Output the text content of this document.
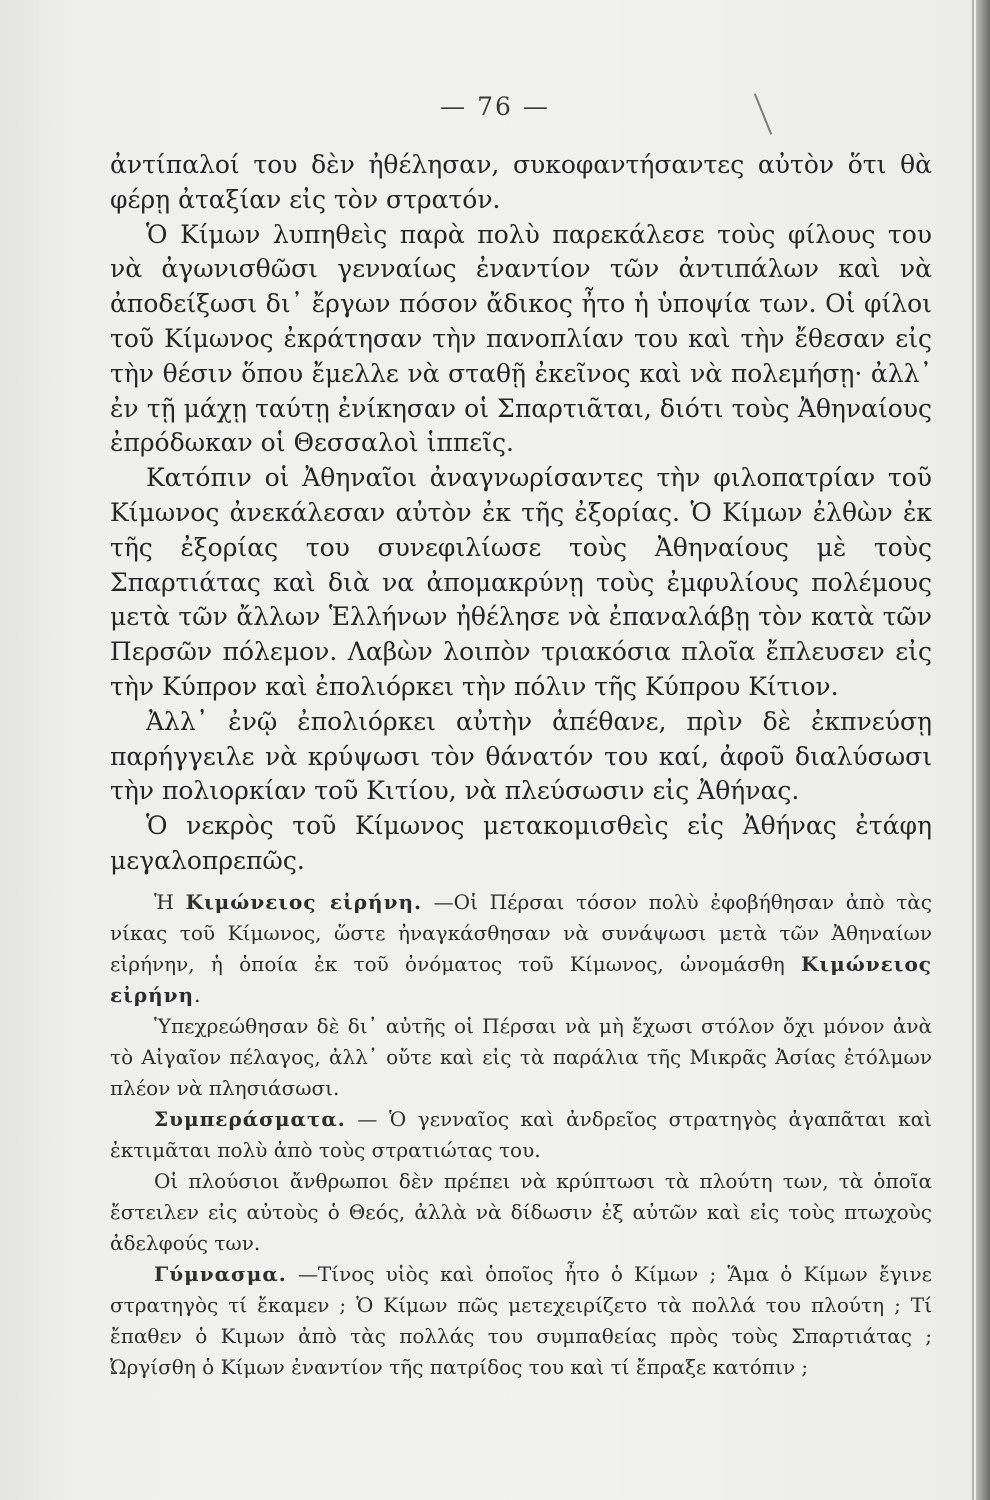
— 76 —

ἀντίπαλοί του δὲν ἠθέλησαν, συκοφαντήσαντες αὐτὸν ὅτι θὰ φέρῃ ἀταξίαν εἰς τὸν στρατόν.

Ὁ Κίμων λυπηθεὶς παρὰ πολὺ παρεκάλεσε τοὺς φίλους του νὰ ἀγωνισθῶσι γενναίως ἐναντίον τῶν ἀντιπάλων καὶ νὰ ἀποδείξωσι δι᾽ ἔργων πόσον ἄδικος ἦτο ἡ ὑποψία των. Οἱ φίλοι τοῦ Κίμωνος ἐκράτησαν τὴν πανοπλίαν του καὶ τὴν ἔθεσαν εἰς τὴν θέσιν ὅπου ἔμελλε νὰ σταθῇ ἐκεῖνος καὶ νὰ πολεμήσῃ· ἀλλ᾽ ἐν τῇ μάχῃ ταύτῃ ἐνίκησαν οἱ Σπαρτιᾶται, διότι τοὺς Ἀθηναίους ἐπρόδωκαν οἱ Θεσσαλοὶ ἱππεῖς.

Κατόπιν οἱ Ἀθηναῖοι ἀναγνωρίσαντες τὴν φιλοπατρίαν τοῦ Κίμωνος ἀνεκάλεσαν αὐτὸν ἐκ τῆς ἐξορίας. Ὁ Κίμων ἐλθὼν ἐκ τῆς ἐξορίας του συνεφιλίωσε τοὺς Ἀθηναίους μὲ τοὺς Σπαρτιάτας καὶ διὰ να ἀπομακρύνῃ τοὺς ἐμφυλίους πολέμους μετὰ τῶν ἄλλων Ἑλλήνων ἠθέλησε νὰ ἐπαναλάβῃ τὸν κατὰ τῶν Περσῶν πόλεμον. Λαβὼν λοιπὸν τριακόσια πλοῖα ἔπλευσεν εἰς τὴν Κύπρον καὶ ἐπολιόρκει τὴν πόλιν τῆς Κύπρου Κίτιον.

Ἀλλ᾽ ἐνῷ ἐπολιόρκει αὐτὴν ἀπέθανε, πρὶν δὲ ἐκπνεύσῃ παρήγγειλε νὰ κρύψωσι τὸν θάνατόν του καί, ἀφοῦ διαλύσωσι τὴν πολιορκίαν τοῦ Κιτίου, νὰ πλεύσωσιν εἰς Ἀθήνας.

Ὁ νεκρὸς τοῦ Κίμωνος μετακομισθεὶς εἰς Ἀθήνας ἐτάφη μεγαλοπρεπῶς.

Ἡ Κιμώνειος εἰρήνη. —Οἱ Πέρσαι τόσον πολὺ ἐφοβήθησαν ἀπὸ τὰς νίκας τοῦ Κίμωνος, ὥστε ἠναγκάσθησαν νὰ συνάψωσι μετὰ τῶν Ἀθηναίων εἰρήνην, ἡ ὁποία ἐκ τοῦ ὀνόματος τοῦ Κίμωνος, ὠνομάσθη Κιμώνειος εἰρήνη.

Ὑπεχρεώθησαν δὲ δι᾽ αὐτῆς οἱ Πέρσαι νὰ μὴ ἔχωσι στόλον ὄχι μόνον ἀνὰ τὸ Αἰγαῖον πέλαγος, ἀλλ᾽ οὔτε καὶ εἰς τὰ παράλια τῆς Μικρᾶς Ἀσίας ἐτόλμων πλέον νὰ πλησιάσωσι.

Συμπεράσματα. — Ὁ γενναῖος καὶ ἀνδρεῖος στρατηγὸς ἀγαπᾶται καὶ ἐκτιμᾶται πολὺ ἀπὸ τοὺς στρατιώτας του.

Οἱ πλούσιοι ἄνθρωποι δὲν πρέπει νὰ κρύπτωσι τὰ πλούτη των, τὰ ὁποῖα ἔστειλεν εἰς αὐτοὺς ὁ Θεός, ἀλλὰ νὰ δίδωσιν ἐξ αὐτῶν καὶ εἰς τοὺς πτωχοὺς ἀδελφούς των.

Γύμνασμα. —Τίνος υἱὸς καὶ ὁποῖος ἦτο ὁ Κίμων ; Ἅμα ὁ Κίμων ἔγινε στρατηγὸς τί ἔκαμεν ; Ὁ Κίμων πῶς μετεχειρίζετο τὰ πολλά του πλούτη ; Τί ἔπαθεν ὁ Κιμων ἀπὸ τὰς πολλάς του συμπαθείας πρὸς τοὺς Σπαρτιάτας ; Ὠργίσθη ὁ Κίμων ἐναντίον τῆς πατρίδος του καὶ τί ἔπραξε κατόπιν ;
